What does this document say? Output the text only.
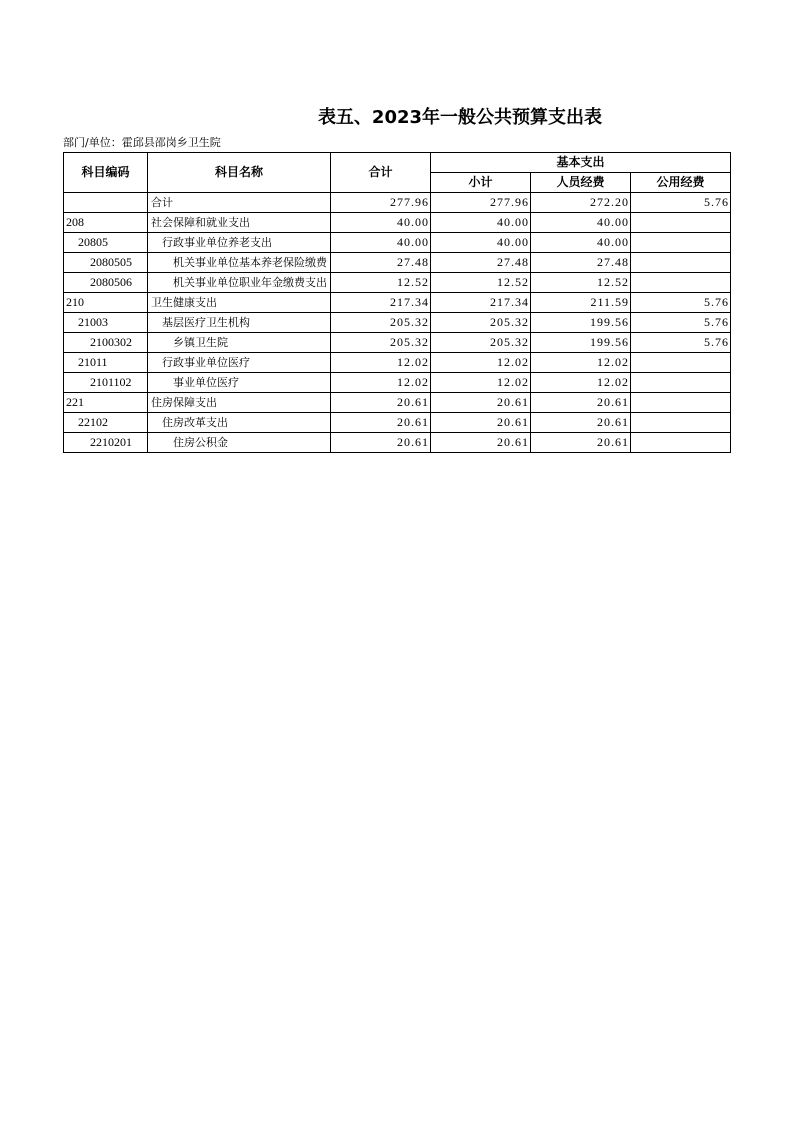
表五、2023年一般公共预算支出表
部门/单位：霍邱县邵岗乡卫生院
科目编码	科目名称	合计	基本支出		
			小计	人员经费	公用经费
	合计	277.96	277.96	272.20	5.76
208	社会保障和就业支出	40.00	40.00	40.00	
20805	行政事业单位养老支出	40.00	40.00	40.00	
2080505	机关事业单位基本养老保险缴费	27.48	27.48	27.48	
2080506	机关事业单位职业年金缴费支出	12.52	12.52	12.52	
210	卫生健康支出	217.34	217.34	211.59	5.76
21003	基层医疗卫生机构	205.32	205.32	199.56	5.76
2100302	乡镇卫生院	205.32	205.32	199.56	5.76
21011	行政事业单位医疗	12.02	12.02	12.02	
2101102	事业单位医疗	12.02	12.02	12.02	
221	住房保障支出	20.61	20.61	20.61	
22102	住房改革支出	20.61	20.61	20.61	
2210201	住房公积金	20.61	20.61	20.61	
